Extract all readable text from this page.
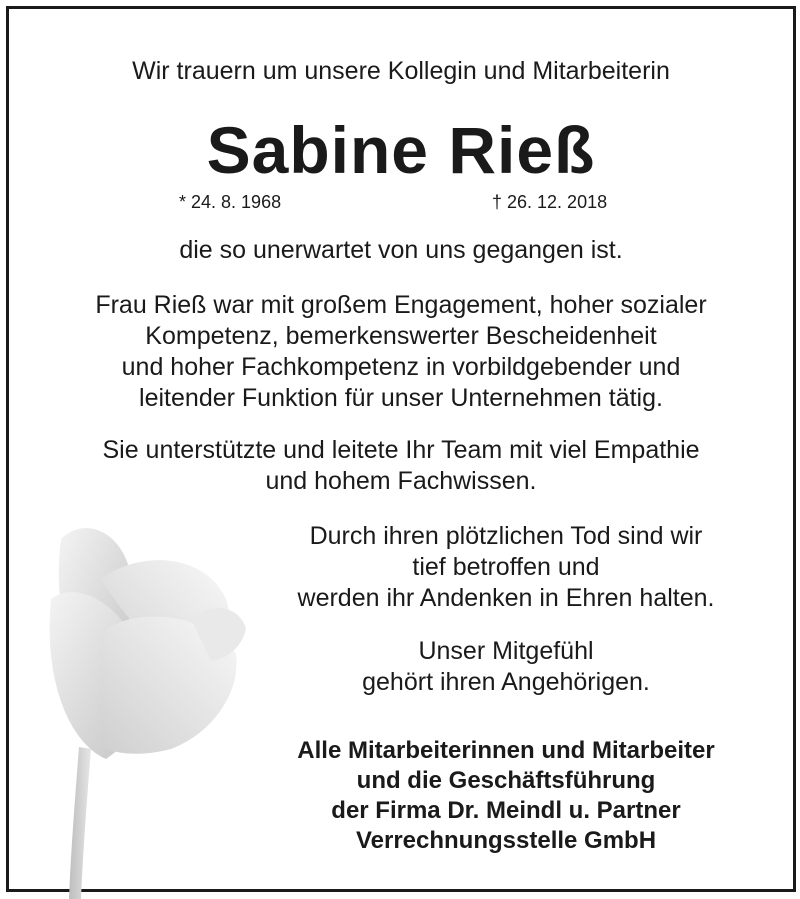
Wir trauern um unsere Kollegin und Mitarbeiterin
Sabine Rieß
* 24. 8. 1968	† 26. 12. 2018
die so unerwartet von uns gegangen ist.
Frau Rieß war mit großem Engagement, hoher sozialer
Kompetenz, bemerkenswerter Bescheidenheit
und hoher Fachkompetenz in vorbildgebender und
leitender Funktion für unser Unternehmen tätig.
Sie unterstützte und leitete Ihr Team mit viel Empathie
und hohem Fachwissen.
Durch ihren plötzlichen Tod sind wir
tief betroffen und
werden ihr Andenken in Ehren halten.
Unser Mitgefühl
gehört ihren Angehörigen.
Alle Mitarbeiterinnen und Mitarbeiter
und die Geschäftsführung
der Firma Dr. Meindl u. Partner
Verrechnungsstelle GmbH
